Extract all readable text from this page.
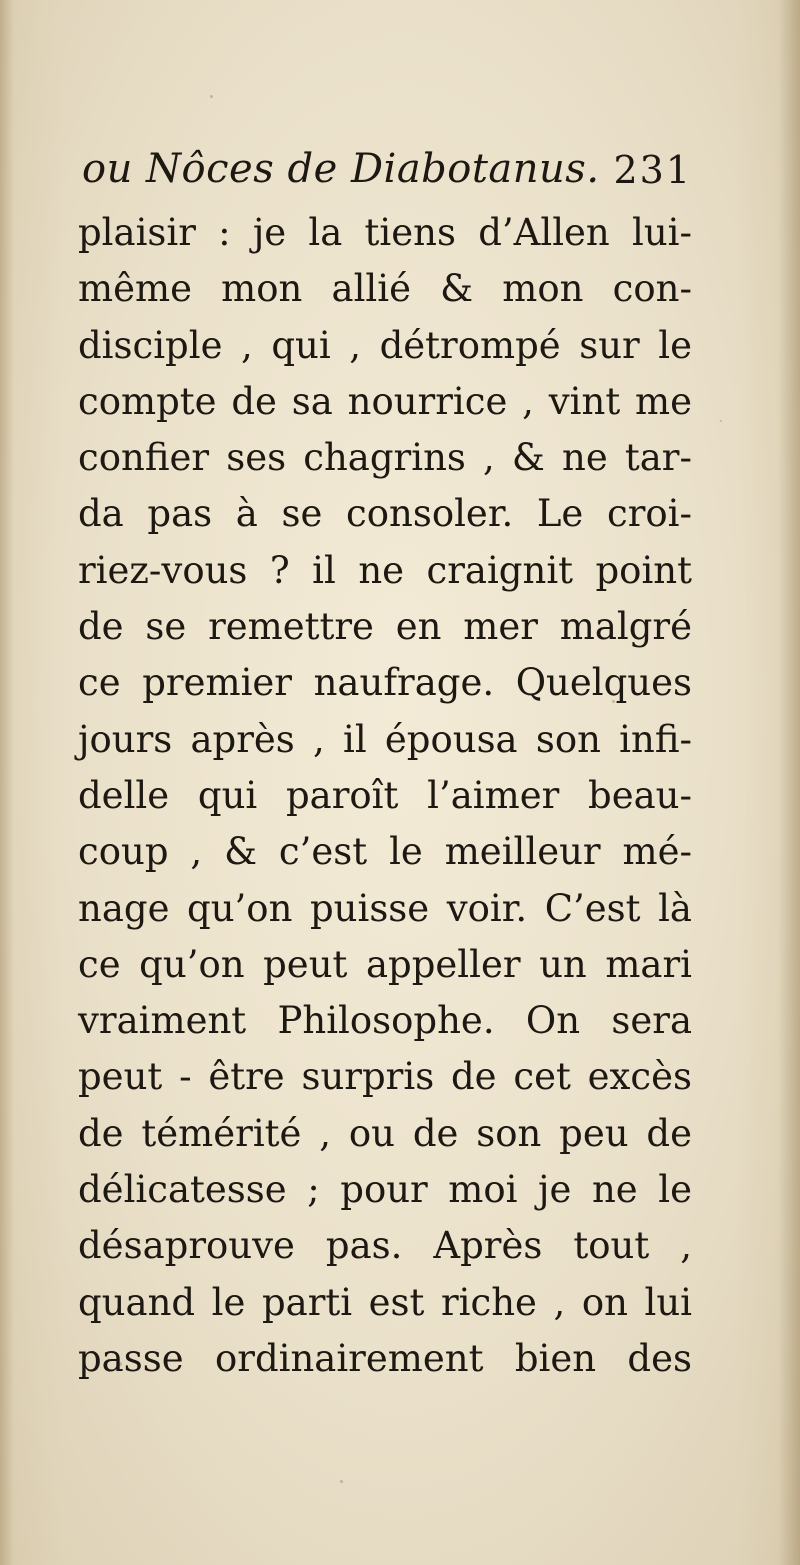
ou Nôces de Diabotanus. 231
plaisir : je la tiens d’Allen lui-
même mon allié & mon con-
disciple , qui , détrompé sur le
compte de sa nourrice , vint me
confier ses chagrins , & ne tar-
da pas à se consoler. Le croi-
riez-vous ? il ne craignit point
de se remettre en mer malgré
ce premier naufrage. Quelques
jours après , il épousa son infi-
delle qui paroît l’aimer beau-
coup , & c’est le meilleur mé-
nage qu’on puisse voir. C’est là
ce qu’on peut appeller un mari
vraiment Philosophe. On sera
peut - être surpris de cet excès
de témérité , ou de son peu de
délicatesse ; pour moi je ne le
désaprouve pas. Après tout ,
quand le parti est riche , on lui
passe ordinairement bien des
